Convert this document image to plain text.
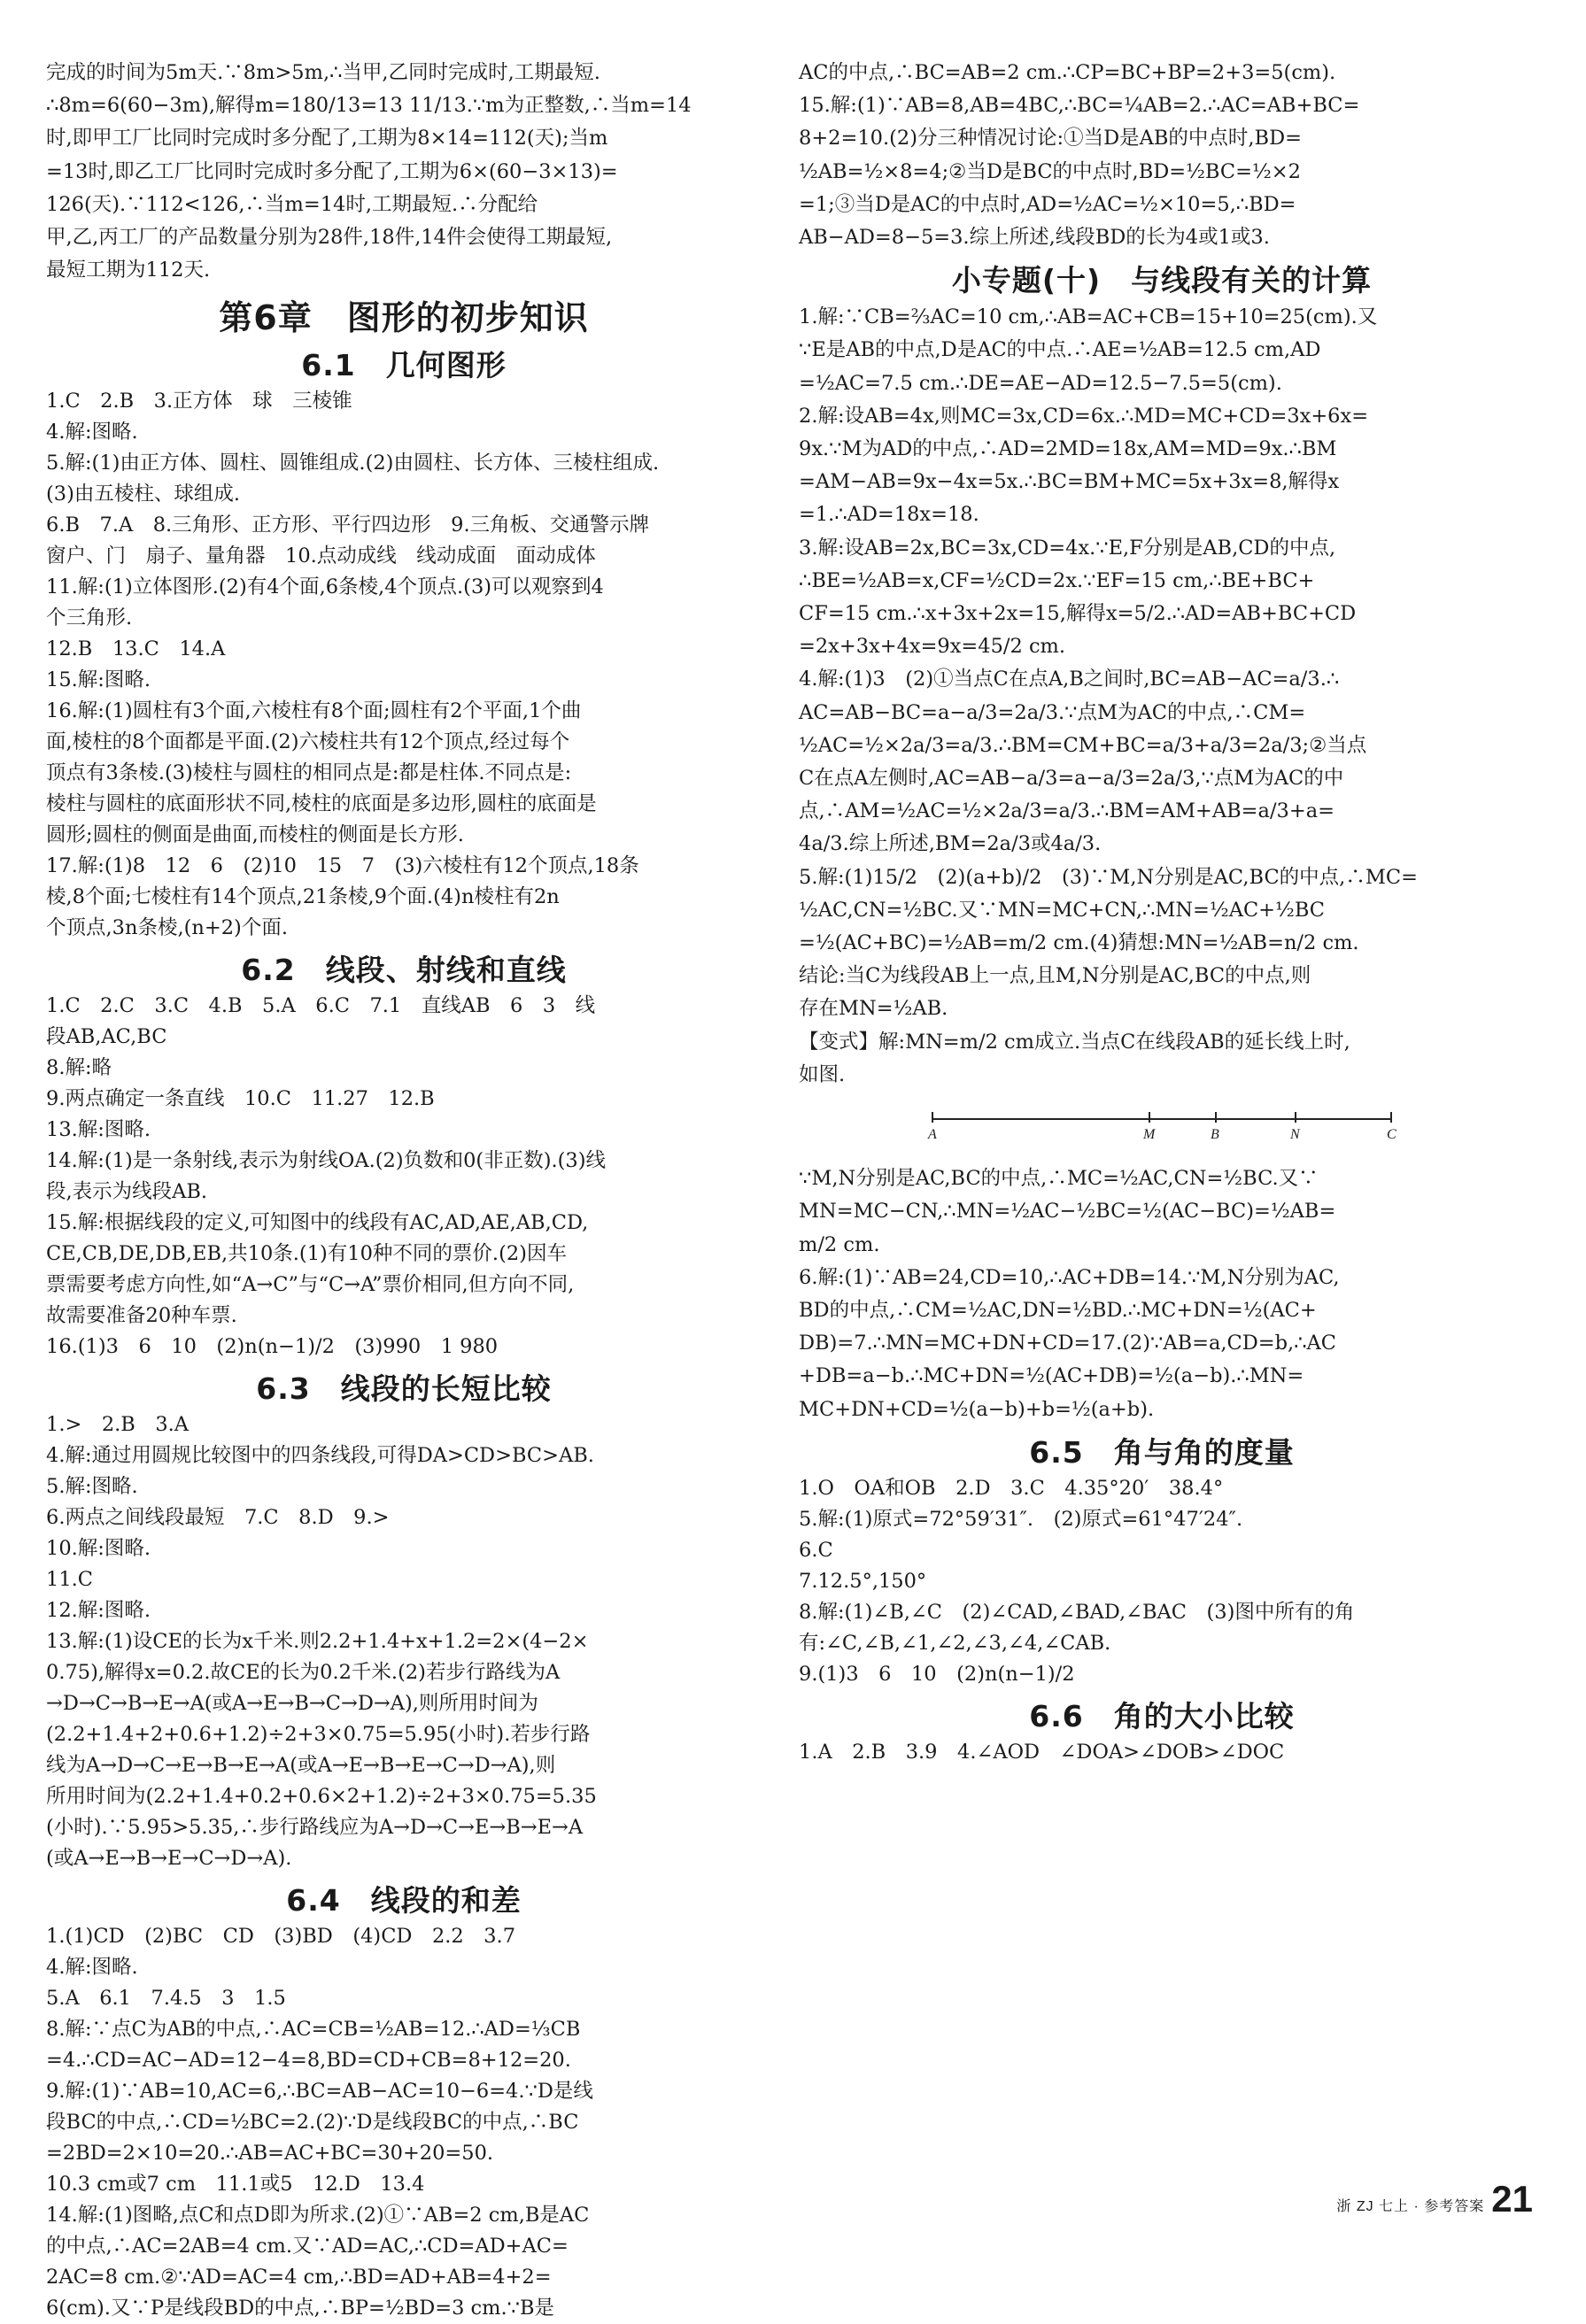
完成的时间为5m天.∵8m>5m,∴当甲,乙同时完成时,工期最短.

∴8m=6(60−3m),解得m=180/13=13 11/13.∵m为正整数,∴当m=14

时,即甲工厂比同时完成时多分配了,工期为8×14=112(天);当m

=13时,即乙工厂比同时完成时多分配了,工期为6×(60−3×13)=

126(天).∵112<126,∴当m=14时,工期最短.∴分配给

甲,乙,丙工厂的产品数量分别为28件,18件,14件会使得工期最短,

最短工期为112天.

第6章　图形的初步知识
6.1　几何图形

1.C　2.B　3.正方体　球　三棱锥

4.解:图略.

5.解:(1)由正方体、圆柱、圆锥组成.(2)由圆柱、长方体、三棱柱组成.

(3)由五棱柱、球组成.

6.B　7.A　8.三角形、正方形、平行四边形　9.三角板、交通警示牌

窗户、门　扇子、量角器　10.点动成线　线动成面　面动成体

11.解:(1)立体图形.(2)有4个面,6条棱,4个顶点.(3)可以观察到4

个三角形.

12.B　13.C　14.A

15.解:图略.

16.解:(1)圆柱有3个面,六棱柱有8个面;圆柱有2个平面,1个曲

面,棱柱的8个面都是平面.(2)六棱柱共有12个顶点,经过每个

顶点有3条棱.(3)棱柱与圆柱的相同点是:都是柱体.不同点是:

棱柱与圆柱的底面形状不同,棱柱的底面是多边形,圆柱的底面是

圆形;圆柱的侧面是曲面,而棱柱的侧面是长方形.

17.解:(1)8　12　6　(2)10　15　7　(3)六棱柱有12个顶点,18条

棱,8个面;七棱柱有14个顶点,21条棱,9个面.(4)n棱柱有2n

个顶点,3n条棱,(n+2)个面.

6.2　线段、射线和直线

1.C　2.C　3.C　4.B　5.A　6.C　7.1　直线AB　6　3　线

段AB,AC,BC

8.解:略

9.两点确定一条直线　10.C　11.27　12.B

13.解:图略.

14.解:(1)是一条射线,表示为射线OA.(2)负数和0(非正数).(3)线

段,表示为线段AB.

15.解:根据线段的定义,可知图中的线段有AC,AD,AE,AB,CD,

CE,CB,DE,DB,EB,共10条.(1)有10种不同的票价.(2)因车

票需要考虑方向性,如“A→C”与“C→A”票价相同,但方向不同,

故需要准备20种车票.

16.(1)3　6　10　(2)n(n−1)/2　(3)990　1 980

6.3　线段的长短比较

1.>　2.B　3.A

4.解:通过用圆规比较图中的四条线段,可得DA>CD>BC>AB.

5.解:图略.

6.两点之间线段最短　7.C　8.D　9.>

10.解:图略.

11.C

12.解:图略.

13.解:(1)设CE的长为x千米.则2.2+1.4+x+1.2=2×(4−2×

0.75),解得x=0.2.故CE的长为0.2千米.(2)若步行路线为A

→D→C→B→E→A(或A→E→B→C→D→A),则所用时间为

(2.2+1.4+2+0.6+1.2)÷2+3×0.75=5.95(小时).若步行路

线为A→D→C→E→B→E→A(或A→E→B→E→C→D→A),则

所用时间为(2.2+1.4+0.2+0.6×2+1.2)÷2+3×0.75=5.35

(小时).∵5.95>5.35,∴步行路线应为A→D→C→E→B→E→A

(或A→E→B→E→C→D→A).

6.4　线段的和差

1.(1)CD　(2)BC　CD　(3)BD　(4)CD　2.2　3.7

4.解:图略.

5.A　6.1　7.4.5　3　1.5

8.解:∵点C为AB的中点,∴AC=CB=½AB=12.∴AD=⅓CB

=4.∴CD=AC−AD=12−4=8,BD=CD+CB=8+12=20.

9.解:(1)∵AB=10,AC=6,∴BC=AB−AC=10−6=4.∵D是线

段BC的中点,∴CD=½BC=2.(2)∵D是线段BC的中点,∴BC

=2BD=2×10=20.∴AB=AC+BC=30+20=50.

10.3 cm或7 cm　11.1或5　12.D　13.4

14.解:(1)图略,点C和点D即为所求.(2)①∵AB=2 cm,B是AC

的中点,∴AC=2AB=4 cm.又∵AD=AC,∴CD=AD+AC=

2AC=8 cm.②∵AD=AC=4 cm,∴BD=AD+AB=4+2=

6(cm).又∵P是线段BD的中点,∴BP=½BD=3 cm.∵B是

AC的中点,∴BC=AB=2 cm.∴CP=BC+BP=2+3=5(cm).

15.解:(1)∵AB=8,AB=4BC,∴BC=¼AB=2.∴AC=AB+BC=

8+2=10.(2)分三种情况讨论:①当D是AB的中点时,BD=

½AB=½×8=4;②当D是BC的中点时,BD=½BC=½×2

=1;③当D是AC的中点时,AD=½AC=½×10=5,∴BD=

AB−AD=8−5=3.综上所述,线段BD的长为4或1或3.

小专题(十)　与线段有关的计算

1.解:∵CB=⅔AC=10 cm,∴AB=AC+CB=15+10=25(cm).又

∵E是AB的中点,D是AC的中点.∴AE=½AB=12.5 cm,AD

=½AC=7.5 cm.∴DE=AE−AD=12.5−7.5=5(cm).

2.解:设AB=4x,则MC=3x,CD=6x.∴MD=MC+CD=3x+6x=

9x.∵M为AD的中点,∴AD=2MD=18x,AM=MD=9x.∴BM

=AM−AB=9x−4x=5x.∴BC=BM+MC=5x+3x=8,解得x

=1.∴AD=18x=18.

3.解:设AB=2x,BC=3x,CD=4x.∵E,F分别是AB,CD的中点,

∴BE=½AB=x,CF=½CD=2x.∵EF=15 cm,∴BE+BC+

CF=15 cm.∴x+3x+2x=15,解得x=5/2.∴AD=AB+BC+CD

=2x+3x+4x=9x=45/2 cm.

4.解:(1)3　(2)①当点C在点A,B之间时,BC=AB−AC=a/3.∴

AC=AB−BC=a−a/3=2a/3.∵点M为AC的中点,∴CM=

½AC=½×2a/3=a/3.∴BM=CM+BC=a/3+a/3=2a/3;②当点

C在点A左侧时,AC=AB−a/3=a−a/3=2a/3,∵点M为AC的中

点,∴AM=½AC=½×2a/3=a/3.∴BM=AM+AB=a/3+a=

4a/3.综上所述,BM=2a/3或4a/3.

5.解:(1)15/2　(2)(a+b)/2　(3)∵M,N分别是AC,BC的中点,∴MC=

½AC,CN=½BC.又∵MN=MC+CN,∴MN=½AC+½BC

=½(AC+BC)=½AB=m/2 cm.(4)猜想:MN=½AB=n/2 cm.

结论:当C为线段AB上一点,且M,N分别是AC,BC的中点,则

存在MN=½AB.

【变式】解:MN=m/2 cm成立.当点C在线段AB的延长线上时,

如图.

A	M	B	N	C

∵M,N分别是AC,BC的中点,∴MC=½AC,CN=½BC.又∵

MN=MC−CN,∴MN=½AC−½BC=½(AC−BC)=½AB=

m/2 cm.

6.解:(1)∵AB=24,CD=10,∴AC+DB=14.∵M,N分别为AC,

BD的中点,∴CM=½AC,DN=½BD.∴MC+DN=½(AC+

DB)=7.∴MN=MC+DN+CD=17.(2)∵AB=a,CD=b,∴AC

+DB=a−b.∴MC+DN=½(AC+DB)=½(a−b).∴MN=

MC+DN+CD=½(a−b)+b=½(a+b).

6.5　角与角的度量

1.O　OA和OB　2.D　3.C　4.35°20′　38.4°

5.解:(1)原式=72°59′31″.　(2)原式=61°47′24″.

6.C

7.12.5°,150°

8.解:(1)∠B,∠C　(2)∠CAD,∠BAD,∠BAC　(3)图中所有的角

有:∠C,∠B,∠1,∠2,∠3,∠4,∠CAB.

9.(1)3　6　10　(2)n(n−1)/2

6.6　角的大小比较

1.A　2.B　3.9　4.∠AOD　∠DOA>∠DOB>∠DOC

浙 ZJ 七上 · 参考答案 21
